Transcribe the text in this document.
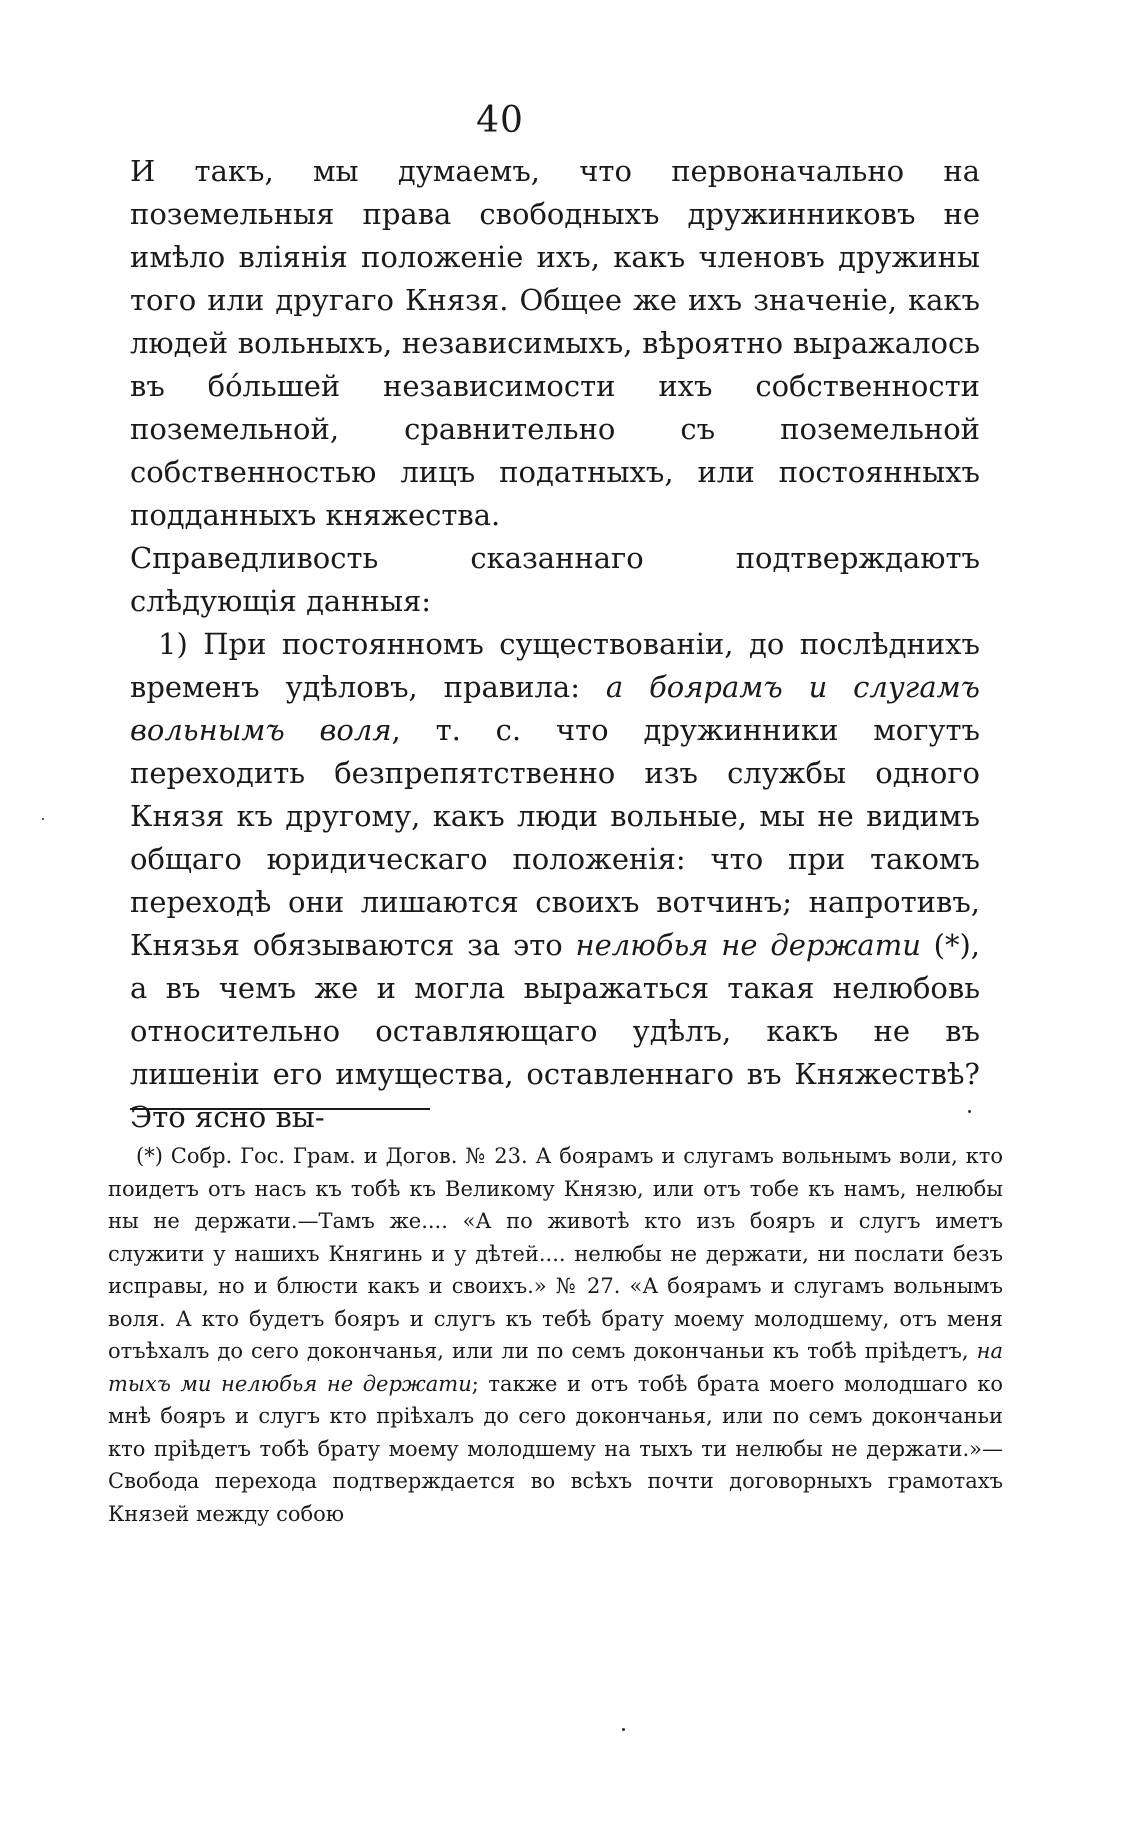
40

И такъ, мы думаемъ, что первоначально на поземельныя права свободныхъ дружинниковъ не имѣло вліянія положеніе ихъ, какъ членовъ дружины того или другаго Князя. Общее же ихъ значеніе, какъ людей вольныхъ, независимыхъ, вѣроятно выражалось въ бо́льшей независимости ихъ собственности поземельной, сравнительно съ поземельной собственностью лицъ податныхъ, или постоянныхъ подданныхъ княжества.

Справедливость сказаннаго подтверждаютъ слѣдующія данныя:

1) При постоянномъ существованіи, до послѣднихъ временъ удѣловъ, правила: а боярамъ и слугамъ вольнымъ воля, т. с. что дружинники могутъ переходить безпрепятственно изъ службы одного Князя къ другому, какъ люди вольные, мы не видимъ общаго юридическаго положенія: что при такомъ переходѣ они лишаются своихъ вотчинъ; напротивъ, Князья обязываются за это нелюбья не держати (*), а въ чемъ же и могла выражаться такая нелюбовь относительно оставляющаго удѣлъ, какъ не въ лишеніи его имущества, оставленнаго въ Княжествѣ? Это ясно вы-

(*) Собр. Гос. Грам. и Догов. № 23. А боярамъ и слугамъ вольнымъ воли, кто поидетъ отъ насъ къ тобѣ къ Великому Князю, или отъ тобе къ намъ, нелюбы ны не держати.—Тамъ же.... «А по животѣ кто изъ бояръ и слугъ иметъ служити у нашихъ Княгинь и у дѣтей.... нелюбы не держати, ни послати безъ исправы, но и блюсти какъ и своихъ.» № 27. «А боярамъ и слугамъ вольнымъ воля. А кто будетъ бояръ и слугъ къ тебѣ брату моему молодшему, отъ меня отъѣхалъ до сего докончанья, или ли по семъ докончаньи къ тобѣ пріѣдетъ, на тыхъ ми нелюбья не держати; также и отъ тобѣ брата моего молодшаго ко мнѣ бояръ и слугъ кто пріѣхалъ до сего докончанья, или по семъ докончаньи кто пріѣдетъ тобѣ брату моему молодшему на тыхъ ти нелюбы не держати.»—Свобода перехода подтверждается во всѣхъ почти договорныхъ грамотахъ Князей между собою
